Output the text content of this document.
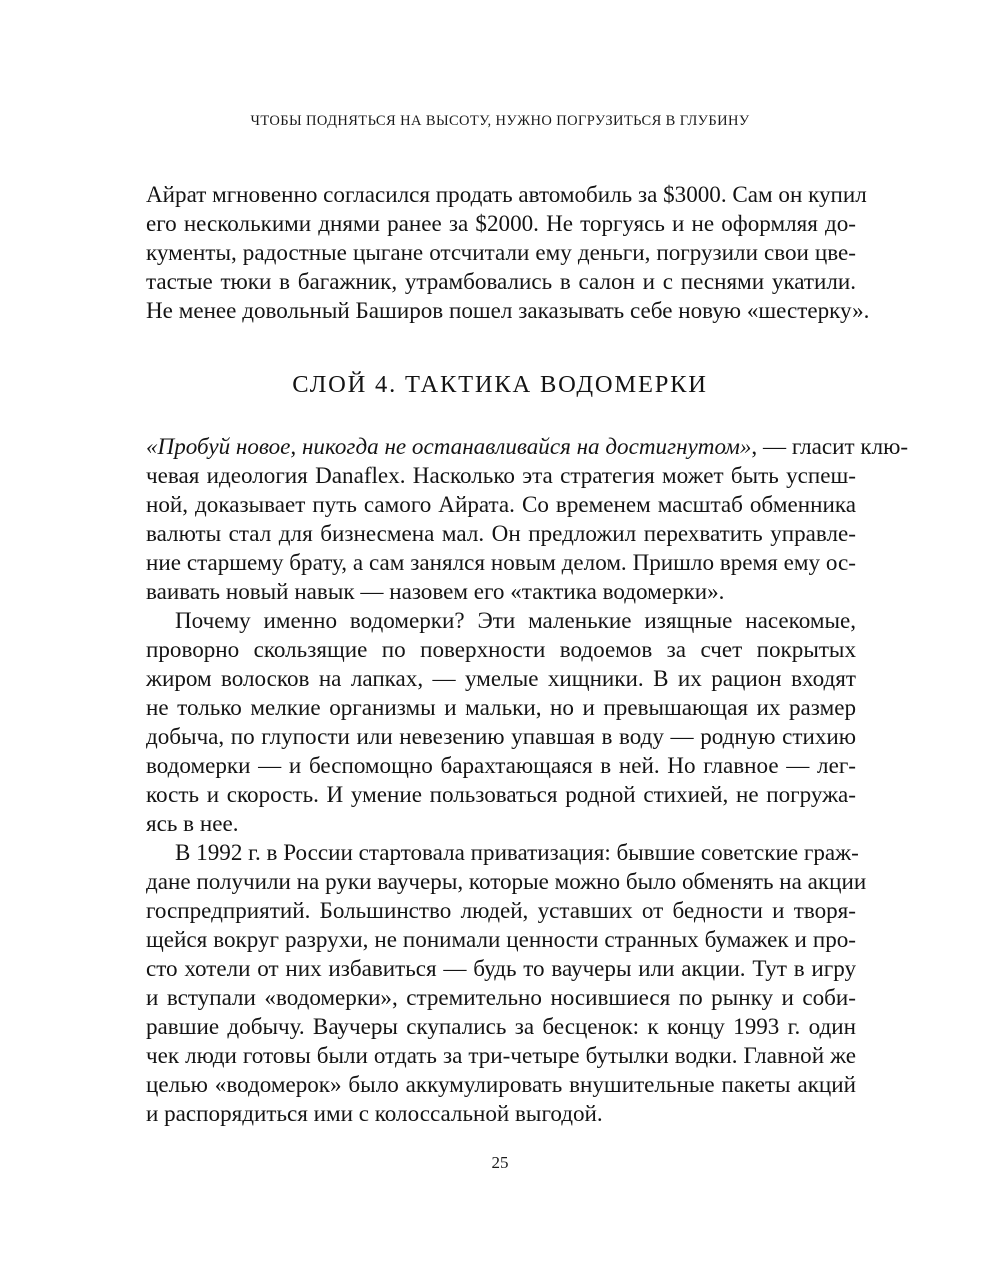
ЧТОБЫ ПОДНЯТЬСЯ НА ВЫСОТУ, НУЖНО ПОГРУЗИТЬСЯ В ГЛУБИНУ
Айрат мгновенно согласился продать автомобиль за $3000. Сам он купил
его несколькими днями ранее за $2000. Не торгуясь и не оформляя до-
кументы, радостные цыгане отсчитали ему деньги, погрузили свои цве-
тастые тюки в багажник, утрамбовались в салон и с песнями укатили.
Не менее довольный Баширов пошел заказывать себе новую «шестерку».
СЛОЙ 4. ТАКТИКА ВОДОМЕРКИ
«Пробуй новое, никогда не останавливайся на достигнутом», — гласит клю-
чевая идеология Danaflex. Насколько эта стратегия может быть успеш-
ной, доказывает путь самого Айрата. Со временем масштаб обменника
валюты стал для бизнесмена мал. Он предложил перехватить управле-
ние старшему брату, а сам занялся новым делом. Пришло время ему ос-
ваивать новый навык — назовем его «тактика водомерки».
Почему именно водомерки? Эти маленькие изящные насекомые,
проворно скользящие по поверхности водоемов за счет покрытых
жиром волосков на лапках, — умелые хищники. В их рацион входят
не только мелкие организмы и мальки, но и превышающая их размер
добыча, по глупости или невезению упавшая в воду — родную стихию
водомерки — и беспомощно барахтающаяся в ней. Но главное — лег-
кость и скорость. И умение пользоваться родной стихией, не погружа-
ясь в нее.
В 1992 г. в России стартовала приватизация: бывшие советские граж-
дане получили на руки ваучеры, которые можно было обменять на акции
госпредприятий. Большинство людей, уставших от бедности и творя-
щейся вокруг разрухи, не понимали ценности странных бумажек и про-
сто хотели от них избавиться — будь то ваучеры или акции. Тут в игру
и вступали «водомерки», стремительно носившиеся по рынку и соби-
равшие добычу. Ваучеры скупались за бесценок: к концу 1993 г. один
чек люди готовы были отдать за три-четыре бутылки водки. Главной же
целью «водомерок» было аккумулировать внушительные пакеты акций
и распорядиться ими с колоссальной выгодой.
25
